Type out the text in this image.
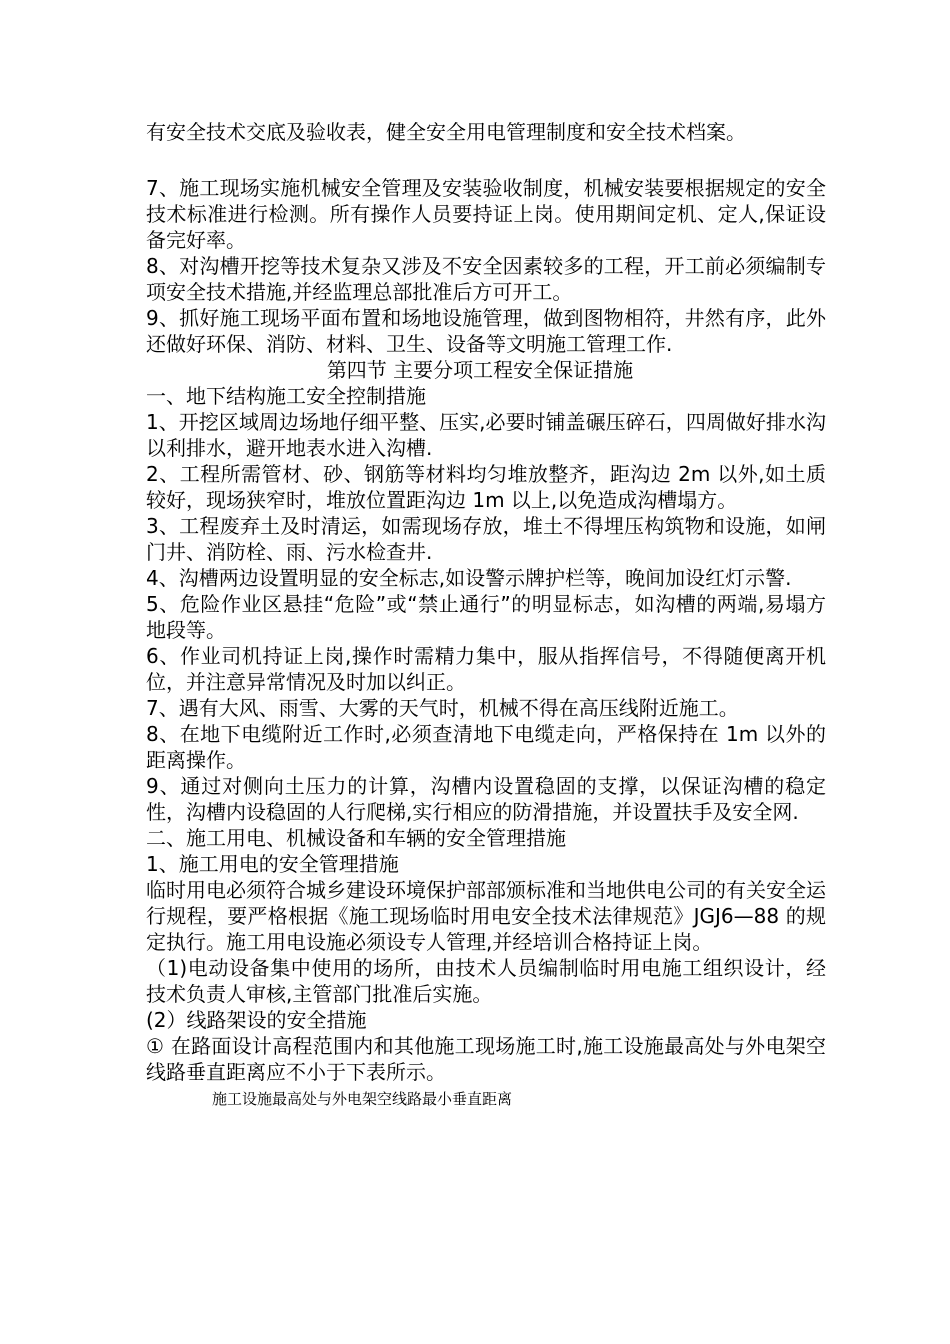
有安全技术交底及验收表，健全安全用电管理制度和安全技术档案。

7、施工现场实施机械安全管理及安装验收制度，机械安装要根据规定的安全技术标准进行检测。所有操作人员要持证上岗。使用期间定机、定人,保证设备完好率。

8、对沟槽开挖等技术复杂又涉及不安全因素较多的工程，开工前必须编制专项安全技术措施,并经监理总部批准后方可开工。

9、抓好施工现场平面布置和场地设施管理，做到图物相符，井然有序，此外还做好环保、消防、材料、卫生、设备等文明施工管理工作.

第四节 主要分项工程安全保证措施

一、地下结构施工安全控制措施

1、开挖区域周边场地仔细平整、压实,必要时铺盖碾压碎石，四周做好排水沟以利排水，避开地表水进入沟槽.

2、工程所需管材、砂、钢筋等材料均匀堆放整齐，距沟边 2m 以外,如土质较好，现场狭窄时，堆放位置距沟边 1m 以上,以免造成沟槽塌方。

3、工程废弃土及时清运，如需现场存放，堆土不得埋压构筑物和设施，如闸门井、消防栓、雨、污水检查井.

4、沟槽两边设置明显的安全标志,如设警示牌护栏等，晚间加设红灯示警.

5、危险作业区悬挂“危险”或“禁止通行”的明显标志，如沟槽的两端,易塌方地段等。

6、作业司机持证上岗,操作时需精力集中，服从指挥信号，不得随便离开机位，并注意异常情况及时加以纠正。

7、遇有大风、雨雪、大雾的天气时，机械不得在高压线附近施工。

8、在地下电缆附近工作时,必须查清地下电缆走向，严格保持在 1m 以外的距离操作。

9、通过对侧向土压力的计算，沟槽内设置稳固的支撑，以保证沟槽的稳定性，沟槽内设稳固的人行爬梯,实行相应的防滑措施，并设置扶手及安全网.

二、施工用电、机械设备和车辆的安全管理措施

1、施工用电的安全管理措施

临时用电必须符合城乡建设环境保护部部颁标准和当地供电公司的有关安全运行规程，要严格根据《施工现场临时用电安全技术法律规范》JGJ6—88 的规定执行。施工用电设施必须设专人管理,并经培训合格持证上岗。

（1)电动设备集中使用的场所，由技术人员编制临时用电施工组织设计，经技术负责人审核,主管部门批准后实施。

(2）线路架设的安全措施

① 在路面设计高程范围内和其他施工现场施工时,施工设施最高处与外电架空线路垂直距离应不小于下表所示。

施工设施最高处与外电架空线路最小垂直距离
